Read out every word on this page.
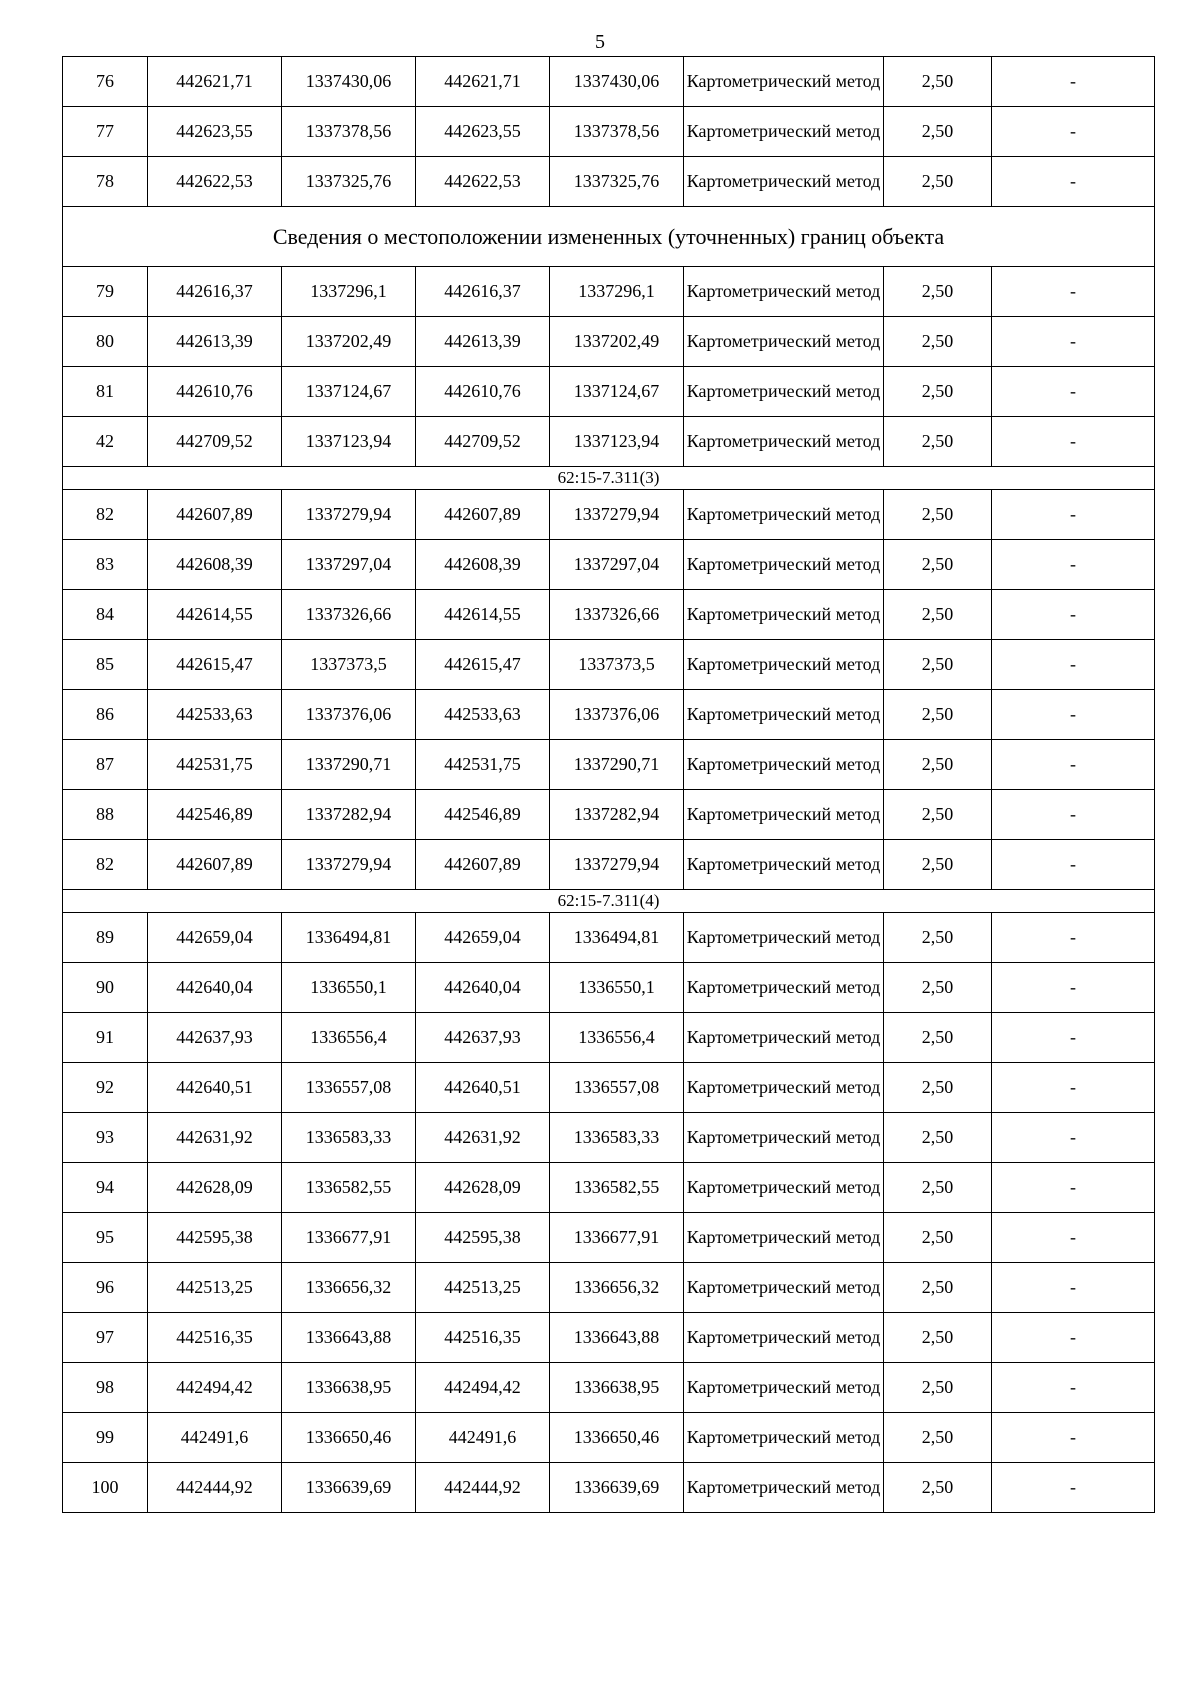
5
76	442621,71	1337430,06	442621,71	1337430,06	Картометрический метод	2,50	-
77	442623,55	1337378,56	442623,55	1337378,56	Картометрический метод	2,50	-
78	442622,53	1337325,76	442622,53	1337325,76	Картометрический метод	2,50	-
Сведения о местоположении измененных (уточненных) границ объекта							
79	442616,37	1337296,1	442616,37	1337296,1	Картометрический метод	2,50	-
80	442613,39	1337202,49	442613,39	1337202,49	Картометрический метод	2,50	-
81	442610,76	1337124,67	442610,76	1337124,67	Картометрический метод	2,50	-
42	442709,52	1337123,94	442709,52	1337123,94	Картометрический метод	2,50	-
62:15-7.311(3)							
82	442607,89	1337279,94	442607,89	1337279,94	Картометрический метод	2,50	-
83	442608,39	1337297,04	442608,39	1337297,04	Картометрический метод	2,50	-
84	442614,55	1337326,66	442614,55	1337326,66	Картометрический метод	2,50	-
85	442615,47	1337373,5	442615,47	1337373,5	Картометрический метод	2,50	-
86	442533,63	1337376,06	442533,63	1337376,06	Картометрический метод	2,50	-
87	442531,75	1337290,71	442531,75	1337290,71	Картометрический метод	2,50	-
88	442546,89	1337282,94	442546,89	1337282,94	Картометрический метод	2,50	-
82	442607,89	1337279,94	442607,89	1337279,94	Картометрический метод	2,50	-
62:15-7.311(4)							
89	442659,04	1336494,81	442659,04	1336494,81	Картометрический метод	2,50	-
90	442640,04	1336550,1	442640,04	1336550,1	Картометрический метод	2,50	-
91	442637,93	1336556,4	442637,93	1336556,4	Картометрический метод	2,50	-
92	442640,51	1336557,08	442640,51	1336557,08	Картометрический метод	2,50	-
93	442631,92	1336583,33	442631,92	1336583,33	Картометрический метод	2,50	-
94	442628,09	1336582,55	442628,09	1336582,55	Картометрический метод	2,50	-
95	442595,38	1336677,91	442595,38	1336677,91	Картометрический метод	2,50	-
96	442513,25	1336656,32	442513,25	1336656,32	Картометрический метод	2,50	-
97	442516,35	1336643,88	442516,35	1336643,88	Картометрический метод	2,50	-
98	442494,42	1336638,95	442494,42	1336638,95	Картометрический метод	2,50	-
99	442491,6	1336650,46	442491,6	1336650,46	Картометрический метод	2,50	-
100	442444,92	1336639,69	442444,92	1336639,69	Картометрический метод	2,50	-
